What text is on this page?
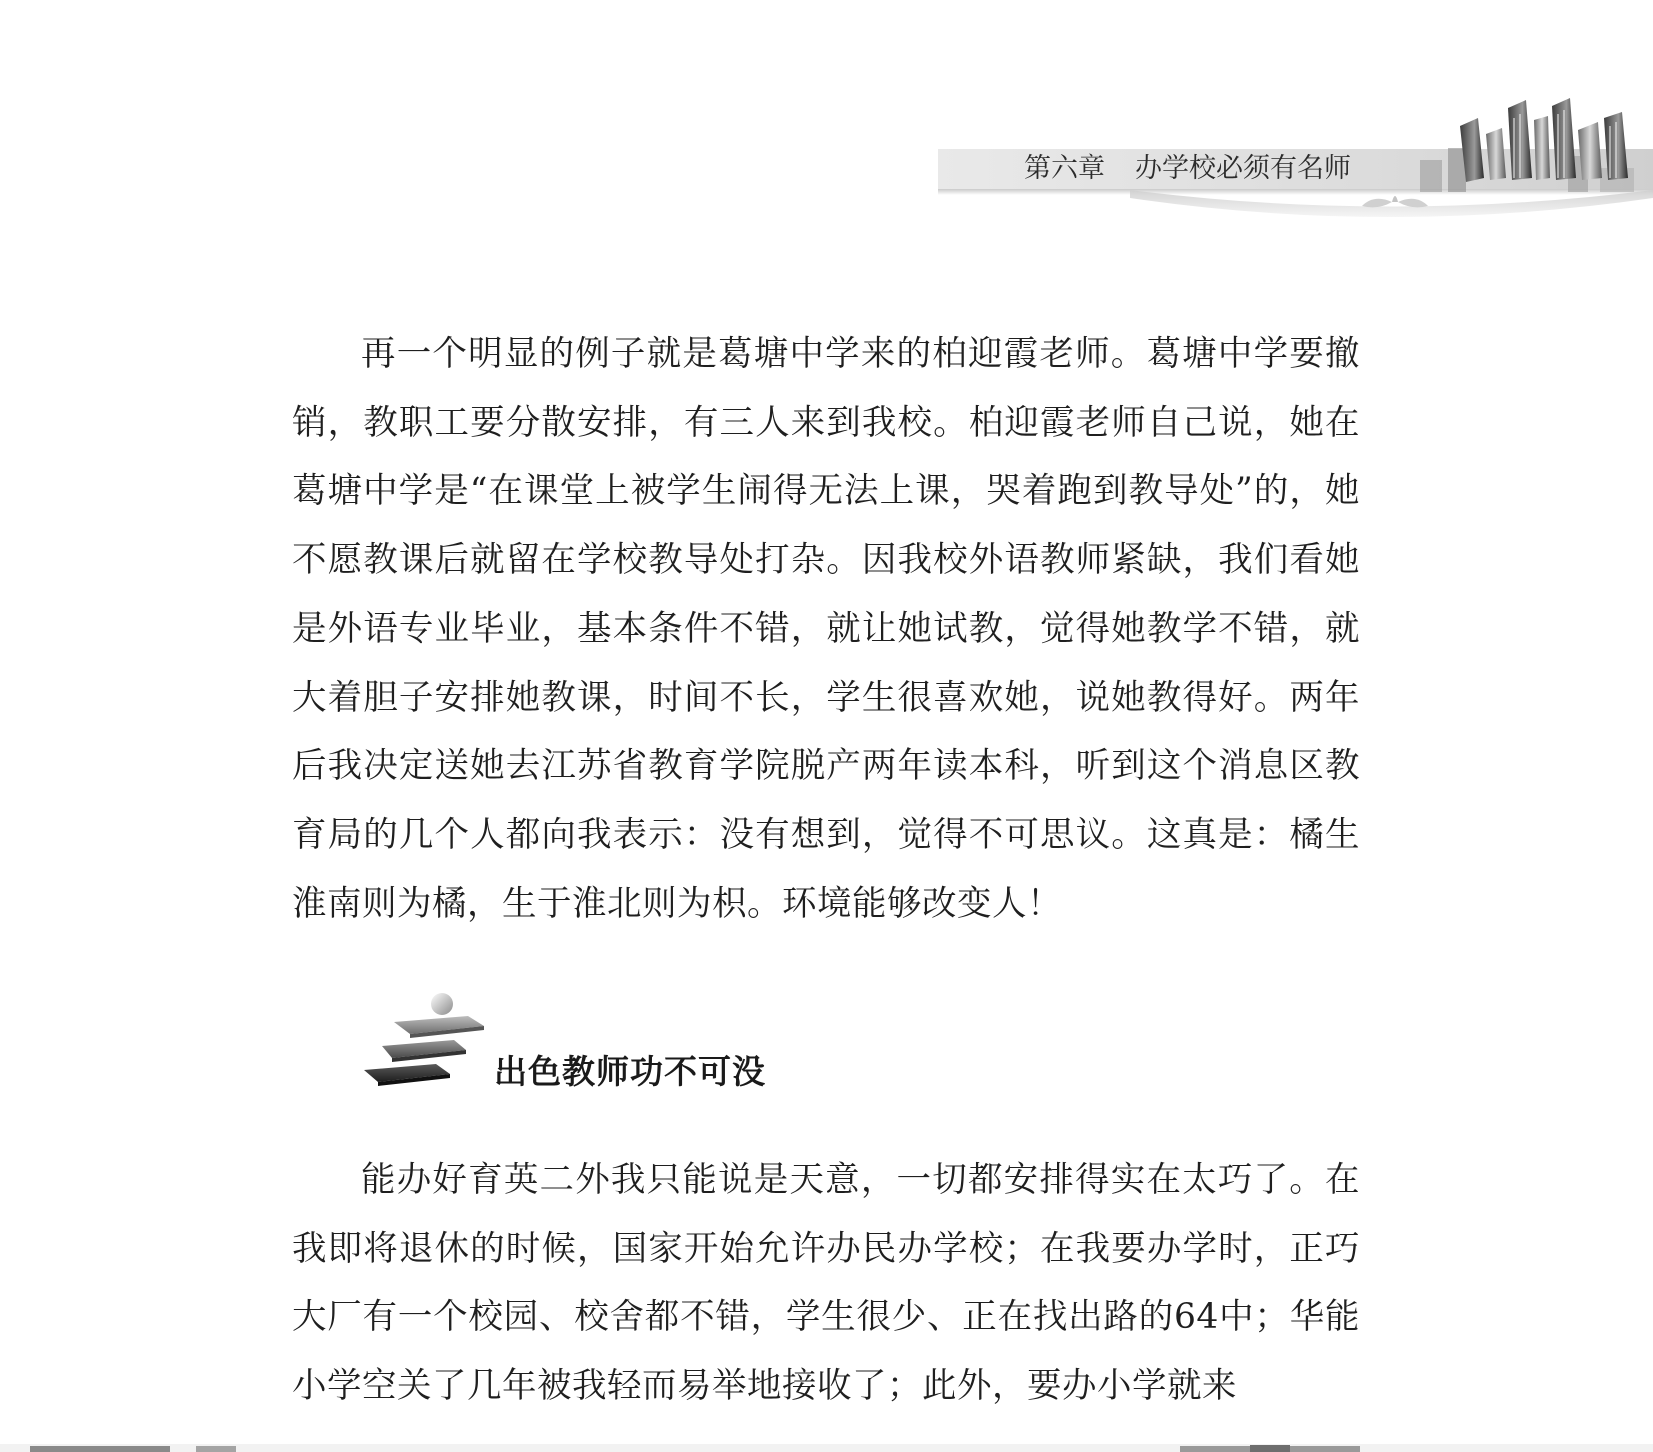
第六章 办学校必须有名师

再一个明显的例子就是葛塘中学来的柏迎霞老师。葛塘中学要撤销，教职工要分散安排，有三人来到我校。柏迎霞老师自己说，她在葛塘中学是“在课堂上被学生闹得无法上课，哭着跑到教导处”的，她不愿教课后就留在学校教导处打杂。因我校外语教师紧缺，我们看她是外语专业毕业，基本条件不错，就让她试教，觉得她教学不错，就大着胆子安排她教课，时间不长，学生很喜欢她，说她教得好。两年后我决定送她去江苏省教育学院脱产两年读本科，听到这个消息区教育局的几个人都向我表示：没有想到，觉得不可思议。这真是：橘生淮南则为橘，生于淮北则为枳。环境能够改变人！

出色教师功不可没

能办好育英二外我只能说是天意，一切都安排得实在太巧了。在我即将退休的时候，国家开始允许办民办学校；在我要办学时，正巧大厂有一个校园、校舍都不错，学生很少、正在找出路的64中；华能小学空关了几年被我轻而易举地接收了；此外，要办小学就来
